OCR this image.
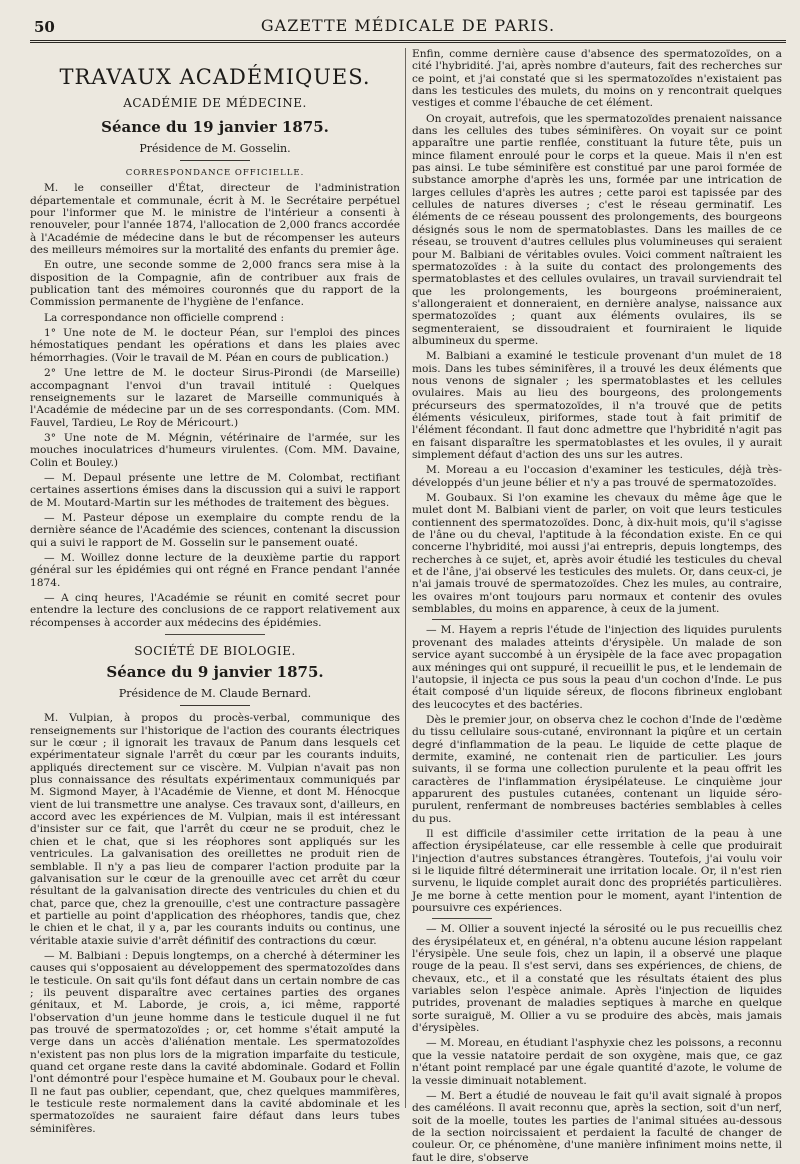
50	GAZETTE MÉDICALE DE PARIS.
TRAVAUX ACADÉMIQUES.
ACADÉMIE DE MÉDECINE.
Séance du 19 janvier 1875.
Présidence de M. Gosselin.
CORRESPONDANCE OFFICIELLE.

M. le conseiller d'État, directeur de l'administration départementale et communale, écrit à M. le Secrétaire perpétuel pour l'informer que M. le ministre de l'intérieur a consenti à renouveler, pour l'année 1874, l'allocation de 2,000 francs accordée à l'Académie de médecine dans le but de récompenser les auteurs des meilleurs mémoires sur la mortalité des enfants du premier âge.

En outre, une seconde somme de 2,000 francs sera mise à la disposition de la Compagnie, afin de contribuer aux frais de publication tant des mémoires couronnés que du rapport de la Commission permanente de l'hygiène de l'enfance.

La correspondance non officielle comprend :

1° Une note de M. le docteur Péan, sur l'emploi des pinces hémostatiques pendant les opérations et dans les plaies avec hémorrhagies. (Voir le travail de M. Péan en cours de publication.)

2° Une lettre de M. le docteur Sirus-Pirondi (de Marseille) accompagnant l'envoi d'un travail intitulé : Quelques renseignements sur le lazaret de Marseille communiqués à l'Académie de médecine par un de ses correspondants. (Com. MM. Fauvel, Tardieu, Le Roy de Méricourt.)

3° Une note de M. Mégnin, vétérinaire de l'armée, sur les mouches inoculatrices d'humeurs virulentes. (Com. MM. Davaine, Colin et Bouley.)

— M. Depaul présente une lettre de M. Colombat, rectifiant certaines assertions émises dans la discussion qui a suivi le rapport de M. Moutard-Martin sur les méthodes de traitement des bègues.

— M. Pasteur dépose un exemplaire du compte rendu de la dernière séance de l'Académie des sciences, contenant la discussion qui a suivi le rapport de M. Gosselin sur le pansement ouaté.

— M. Woillez donne lecture de la deuxième partie du rapport général sur les épidémies qui ont régné en France pendant l'année 1874.

— A cinq heures, l'Académie se réunit en comité secret pour entendre la lecture des conclusions de ce rapport relativement aux récompenses à accorder aux médecins des épidémies.

SOCIÉTÉ DE BIOLOGIE.
Séance du 9 janvier 1875.
Présidence de M. Claude Bernard.

M. Vulpian, à propos du procès-verbal, communique des renseignements sur l'historique de l'action des courants électriques sur le cœur ; il ignorait les travaux de Panum dans lesquels cet expérimentateur signale l'arrêt du cœur par les courants induits, appliqués directement sur ce viscère. M. Vulpian n'avait pas non plus connaissance des résultats expérimentaux communiqués par M. Sigmond Mayer, à l'Académie de Vienne, et dont M. Hénocque vient de lui transmettre une analyse. Ces travaux sont, d'ailleurs, en accord avec les expériences de M. Vulpian, mais il est intéressant d'insister sur ce fait, que l'arrêt du cœur ne se produit, chez le chien et le chat, que si les réophores sont appliqués sur les ventricules. La galvanisation des oreillettes ne produit rien de semblable. Il n'y a pas lieu de comparer l'action produite par la galvanisation sur le cœur de la grenouille avec cet arrêt du cœur résultant de la galvanisation directe des ventricules du chien et du chat, parce que, chez la grenouille, c'est une contracture passagère et partielle au point d'application des rhéophores, tandis que, chez le chien et le chat, il y a, par les courants induits ou continus, une véritable ataxie suivie d'arrêt définitif des contractions du cœur.

— M. Balbiani : Depuis longtemps, on a cherché à déterminer les causes qui s'opposaient au développement des spermatozoïdes dans le testicule. On sait qu'ils font défaut dans un certain nombre de cas ; ils peuvent disparaître avec certaines parties des organes génitaux, et M. Laborde, je crois, a, ici même, rapporté l'observation d'un jeune homme dans le testicule duquel il ne fut pas trouvé de spermatozoïdes ; or, cet homme s'était amputé la verge dans un accès d'aliénation mentale. Les spermatozoïdes n'existent pas non plus lors de la migration imparfaite du testicule, quand cet organe reste dans la cavité abdominale. Godard et Follin l'ont démontré pour l'espèce humaine et M. Goubaux pour le cheval. Il ne faut pas oublier, cependant, que, chez quelques mammifères, le testicule reste normalement dans la cavité abdominale et les spermatozoïdes ne sauraient faire défaut dans leurs tubes séminifères.

Enfin, comme dernière cause d'absence des spermatozoïdes, on a cité l'hybridité. J'ai, après nombre d'auteurs, fait des recherches sur ce point, et j'ai constaté que si les spermatozoïdes n'existaient pas dans les testicules des mulets, du moins on y rencontrait quelques vestiges et comme l'ébauche de cet élément.

On croyait, autrefois, que les spermatozoïdes prenaient naissance dans les cellules des tubes séminifères. On voyait sur ce point apparaître une partie renflée, constituant la future tête, puis un mince filament enroulé pour le corps et la queue. Mais il n'en est pas ainsi. Le tube séminifère est constitué par une paroi formée de substance amorphe d'après les uns, formée par une intrication de larges cellules d'après les autres ; cette paroi est tapissée par des cellules de natures diverses ; c'est le réseau germinatif. Les éléments de ce réseau poussent des prolongements, des bourgeons désignés sous le nom de spermatoblastes. Dans les mailles de ce réseau, se trouvent d'autres cellules plus volumineuses qui seraient pour M. Balbiani de véritables ovules. Voici comment naîtraient les spermatozoïdes : à la suite du contact des prolongements des spermatoblastes et des cellules ovulaires, un travail surviendrait tel que les prolongements, les bourgeons proémineraient, s'allongeraient et donneraient, en dernière analyse, naissance aux spermatozoïdes ; quant aux éléments ovulaires, ils se segmenteraient, se dissoudraient et fourniraient le liquide albumineux du sperme.

M. Balbiani a examiné le testicule provenant d'un mulet de 18 mois. Dans les tubes séminifères, il a trouvé les deux éléments que nous venons de signaler ; les spermatoblastes et les cellules ovulaires. Mais au lieu des bourgeons, des prolongements précurseurs des spermatozoïdes, il n'a trouvé que de petits éléments vésiculeux, piriformes, stade tout à fait primitif de l'élément fécondant. Il faut donc admettre que l'hybridité n'agit pas en faisant disparaître les spermatoblastes et les ovules, il y aurait simplement défaut d'action des uns sur les autres.

M. Moreau a eu l'occasion d'examiner les testicules, déjà très-développés d'un jeune bélier et n'y a pas trouvé de spermatozoïdes.

M. Goubaux. Si l'on examine les chevaux du même âge que le mulet dont M. Balbiani vient de parler, on voit que leurs testicules contiennent des spermatozoïdes. Donc, à dix-huit mois, qu'il s'agisse de l'âne ou du cheval, l'aptitude à la fécondation existe. En ce qui concerne l'hybridité, moi aussi j'ai entrepris, depuis longtemps, des recherches à ce sujet, et, après avoir étudié les testicules du cheval et de l'âne, j'ai observé les testicules des mulets. Or, dans ceux-ci, je n'ai jamais trouvé de spermatozoïdes. Chez les mules, au contraire, les ovaires m'ont toujours paru normaux et contenir des ovules semblables, du moins en apparence, à ceux de la jument.

— M. Hayem a repris l'étude de l'injection des liquides purulents provenant des malades atteints d'érysipèle. Un malade de son service ayant succombé à un érysipèle de la face avec propagation aux méninges qui ont suppuré, il recueillit le pus, et le lendemain de l'autopsie, il injecta ce pus sous la peau d'un cochon d'Inde. Le pus était composé d'un liquide séreux, de flocons fibrineux englobant des leucocytes et des bactéries.

Dès le premier jour, on observa chez le cochon d'Inde de l'œdème du tissu cellulaire sous-cutané, environnant la piqûre et un certain degré d'inflammation de la peau. Le liquide de cette plaque de dermite, examiné, ne contenait rien de particulier. Les jours suivants, il se forma une collection purulente et la peau offrit les caractères de l'inflammation érysipélateuse. Le cinquième jour apparurent des pustules cutanées, contenant un liquide séro-purulent, renfermant de nombreuses bactéries semblables à celles du pus.

Il est difficile d'assimiler cette irritation de la peau à une affection érysipélateuse, car elle ressemble à celle que produirait l'injection d'autres substances étrangères. Toutefois, j'ai voulu voir si le liquide filtré déterminerait une irritation locale. Or, il n'est rien survenu, le liquide complet aurait donc des propriétés particulières. Je me borne à cette mention pour le moment, ayant l'intention de poursuivre ces expériences.

— M. Ollier a souvent injecté la sérosité ou le pus recueillis chez des érysipélateux et, en général, n'a obtenu aucune lésion rappelant l'érysipèle. Une seule fois, chez un lapin, il a observé une plaque rouge de la peau. Il s'est servi, dans ses expériences, de chiens, de chevaux, etc., et il a constaté que les résultats étaient des plus variables selon l'espèce animale. Après l'injection de liquides putrides, provenant de maladies septiques à marche en quelque sorte suraiguë, M. Ollier a vu se produire des abcès, mais jamais d'érysipèles.

— M. Moreau, en étudiant l'asphyxie chez les poissons, a reconnu que la vessie natatoire perdait de son oxygène, mais que, ce gaz n'étant point remplacé par une égale quantité d'azote, le volume de la vessie diminuait notablement.

— M. Bert a étudié de nouveau le fait qu'il avait signalé à propos des caméléons. Il avait reconnu que, après la section, soit d'un nerf, soit de la moelle, toutes les parties de l'animal situées au-dessous de la section noircissaient et perdaient la faculté de changer de couleur. Or, ce phénomène, d'une manière infiniment moins nette, il faut le dire, s'observe
